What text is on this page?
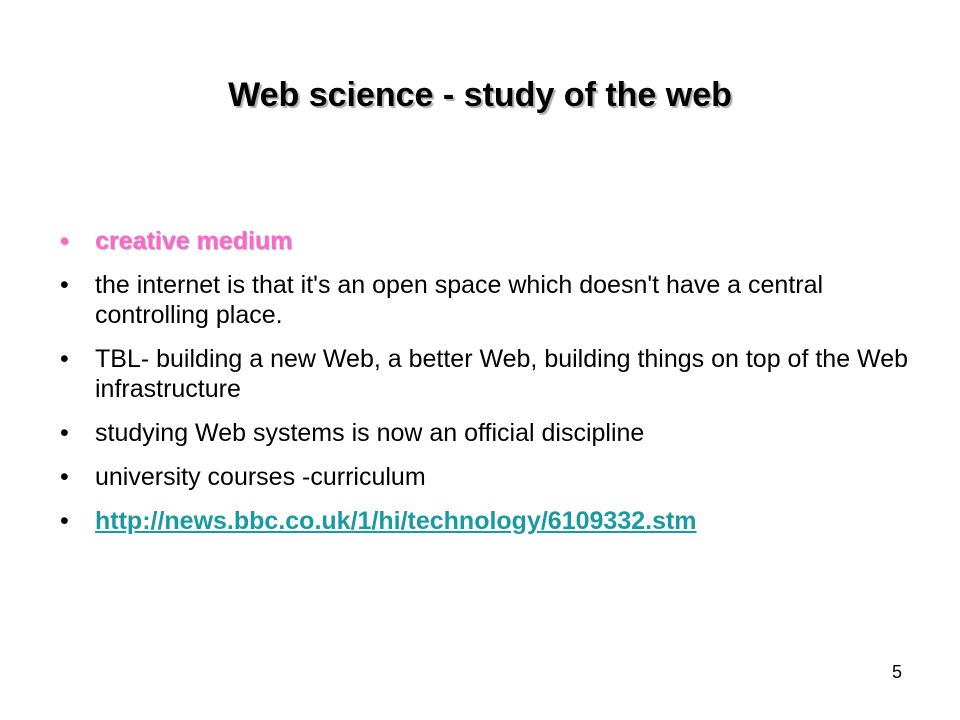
Web science - study of the web
• creative medium
• the internet is that it's an open space which doesn't have a central controlling place.
• TBL- building a new Web, a better Web, building things on top of the Web infrastructure
• studying Web systems is now an official discipline
• university courses -curriculum
• http://news.bbc.co.uk/1/hi/technology/6109332.stm
5
